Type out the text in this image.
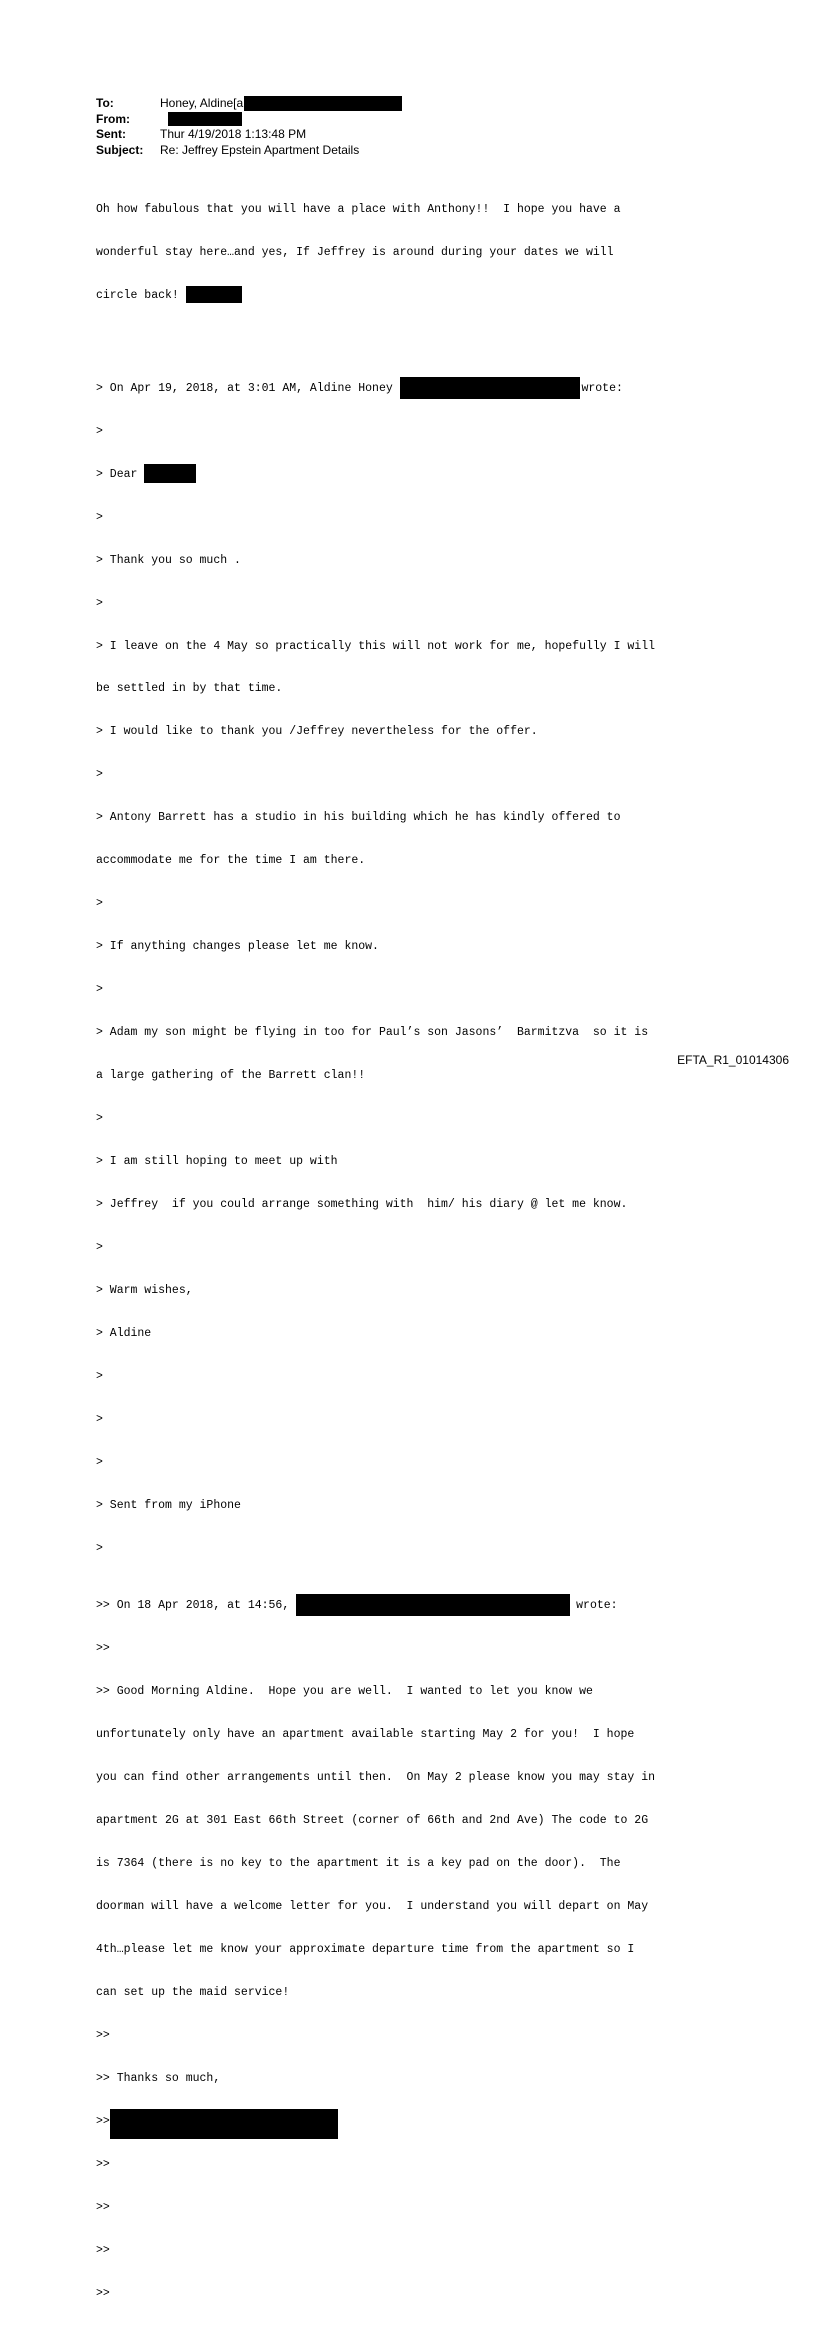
To:	Honey, Aldine[a
From:
Sent:	Thur 4/19/2018 1:13:48 PM
Subject: Re: Jeffrey Epstein Apartment Details

Oh how fabulous that you will have a place with Anthony!!  I hope you have a

wonderful stay here…and yes, If Jeffrey is around during your dates we will

circle back!

> On Apr 19, 2018, at 3:01 AM, Aldine Honey	> wrote:

>

> Dear

>

> Thank you so much .

>

> I leave on the 4 May so practically this will not work for me, hopefully I will

be settled in by that time.

> I would like to thank you /Jeffrey nevertheless for the offer.

>

> Antony Barrett has a studio in his building which he has kindly offered to

accommodate me for the time I am there.

>

> If anything changes please let me know.

>

> Adam my son might be flying in too for Paul’s son Jasons’  Barmitzva  so it is

a large gathering of the Barrett clan!!

>

> I am still hoping to meet up with

> Jeffrey  if you could arrange something with  him/ his diary @ let me know.

>

> Warm wishes,

> Aldine

>

>

>

> Sent from my iPhone

>

>> On 18 Apr 2018, at 14:56,	wrote:

>>

>> Good Morning Aldine.  Hope you are well.  I wanted to let you know we

unfortunately only have an apartment available starting May 2 for you!  I hope

you can find other arrangements until then.  On May 2 please know you may stay in

apartment 2G at 301 East 66th Street (corner of 66th and 2nd Ave) The code to 2G

is 7364 (there is no key to the apartment it is a key pad on the door).  The

doorman will have a welcome letter for you.  I understand you will depart on May

4th…please let me know your approximate departure time from the apartment so I

can set up the maid service!

>>

>> Thanks so much,

>>

>>

>>

>>

>>

EFTA_R1_01014306
